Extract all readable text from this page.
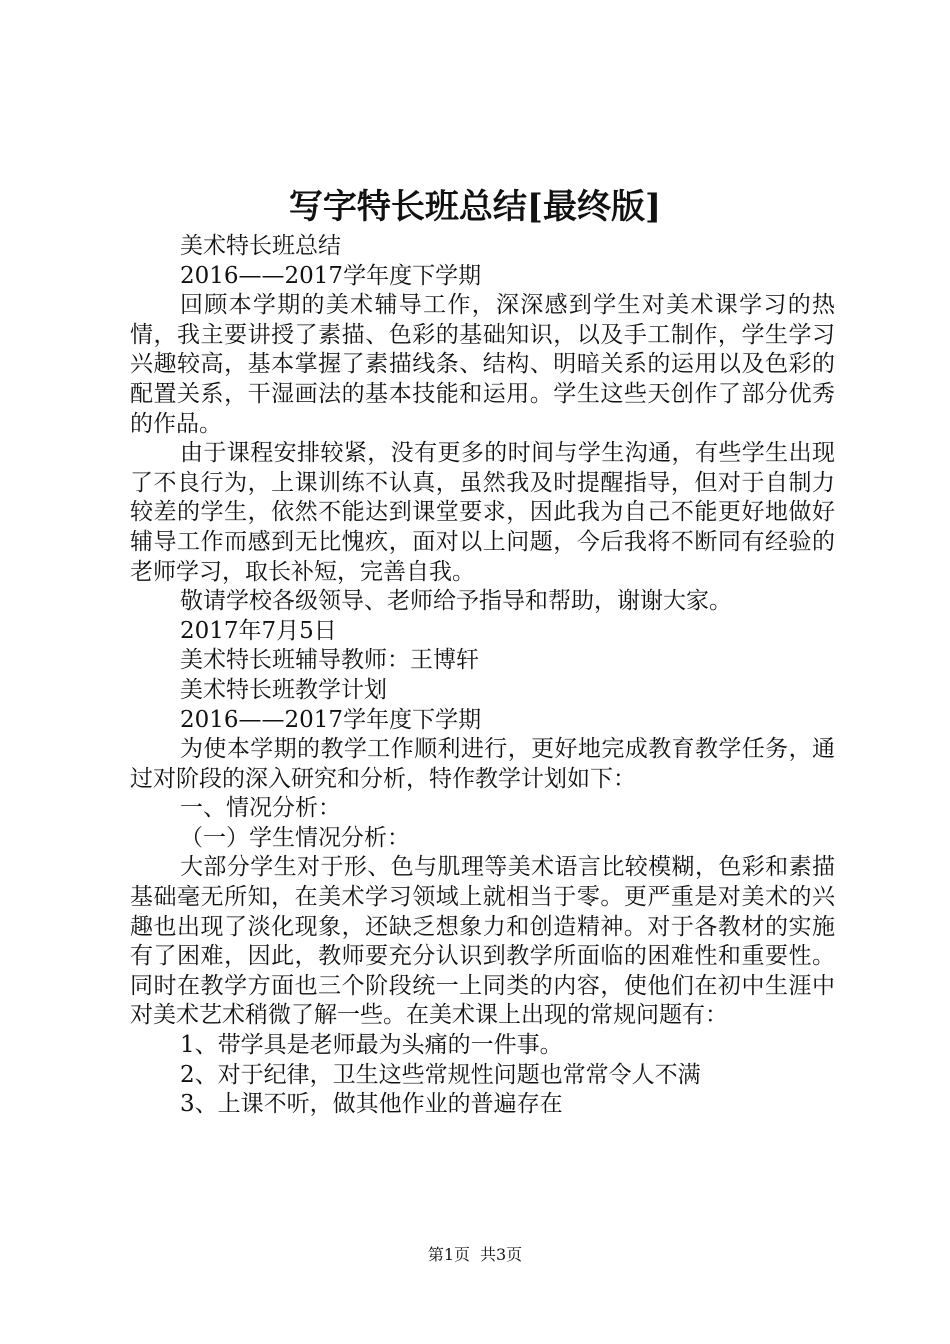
写字特长班总结[最终版]

美术特长班总结

2016——2017学年度下学期

回顾本学期的美术辅导工作，深深感到学生对美术课学习的热情，我主要讲授了素描、色彩的基础知识，以及手工制作，学生学习兴趣较高，基本掌握了素描线条、结构、明暗关系的运用以及色彩的配置关系，干湿画法的基本技能和运用。学生这些天创作了部分优秀的作品。

由于课程安排较紧，没有更多的时间与学生沟通，有些学生出现了不良行为，上课训练不认真，虽然我及时提醒指导，但对于自制力较差的学生，依然不能达到课堂要求，因此我为自己不能更好地做好辅导工作而感到无比愧疚，面对以上问题，今后我将不断同有经验的老师学习，取长补短，完善自我。

敬请学校各级领导、老师给予指导和帮助，谢谢大家。

2017年7月5日

美术特长班辅导教师：王博轩

美术特长班教学计划

2016——2017学年度下学期

为使本学期的教学工作顺利进行，更好地完成教育教学任务，通过对阶段的深入研究和分析，特作教学计划如下：

一、情况分析：

（一）学生情况分析：

大部分学生对于形、色与肌理等美术语言比较模糊，色彩和素描基础毫无所知，在美术学习领域上就相当于零。更严重是对美术的兴趣也出现了淡化现象，还缺乏想象力和创造精神。对于各教材的实施有了困难，因此，教师要充分认识到教学所面临的困难性和重要性。同时在教学方面也三个阶段统一上同类的内容，使他们在初中生涯中对美术艺术稍微了解一些。在美术课上出现的常规问题有：

1、带学具是老师最为头痛的一件事。

2、对于纪律，卫生这些常规性问题也常常令人不满

3、上课不听，做其他作业的普遍存在

第1页 共3页
